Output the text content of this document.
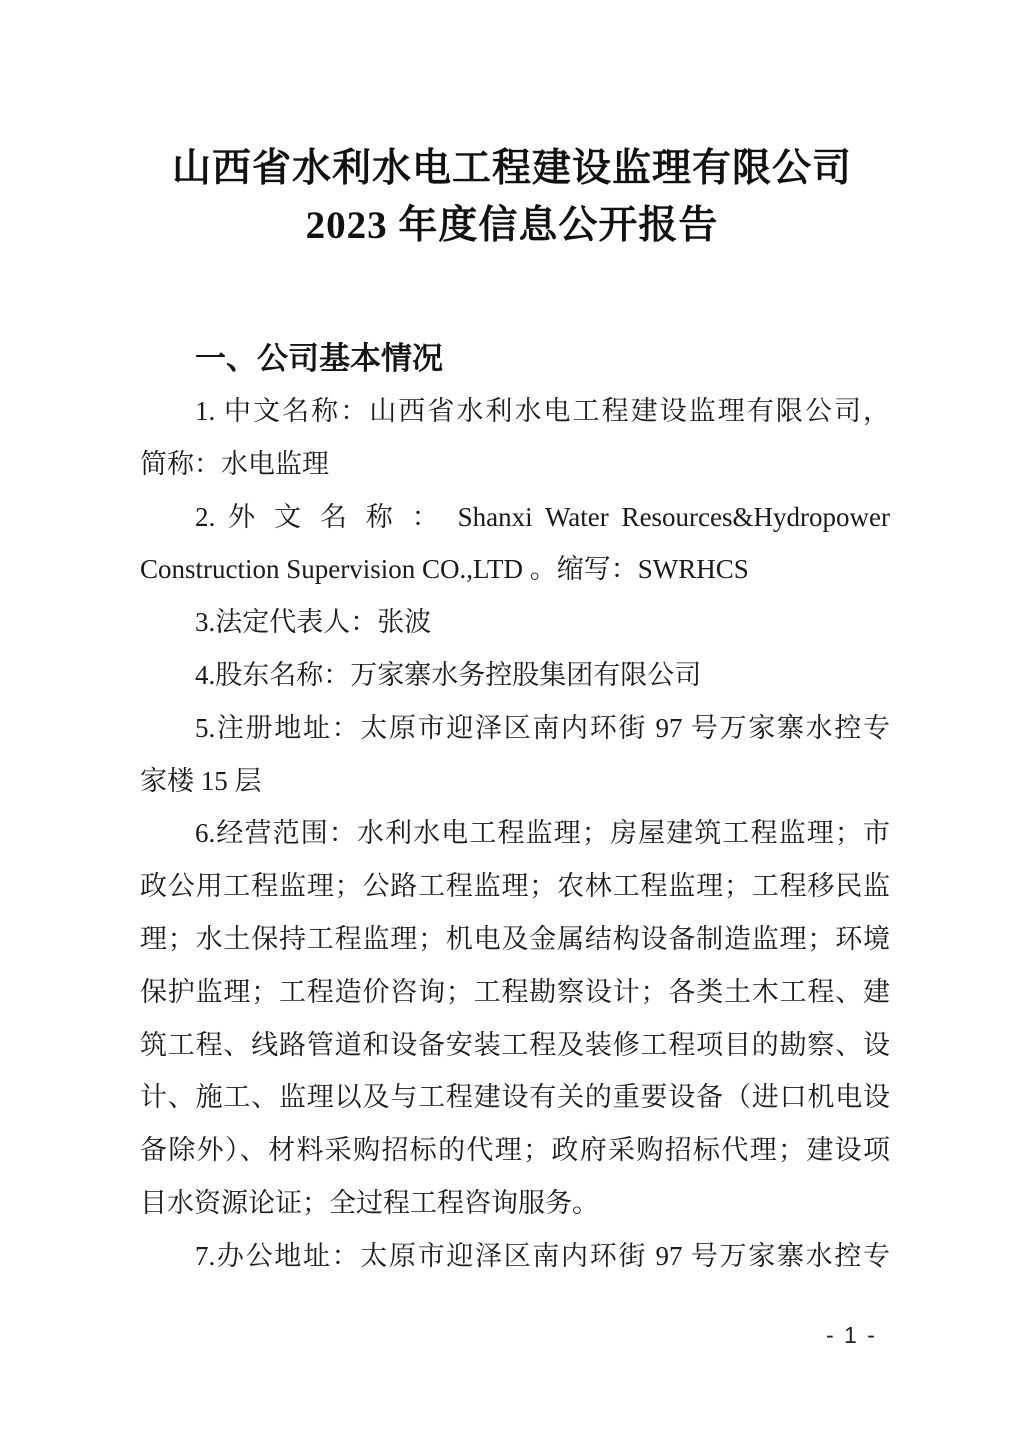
山西省水利水电工程建设监理有限公司
2023 年度信息公开报告
一、公司基本情况
1. 中文名称：山西省水利水电工程建设监理有限公司，
简称：水电监理
2. 外 文 名 称 ： Shanxi Water Resources&Hydropower
Construction Supervision CO.,LTD 。缩写：SWRHCS
3.法定代表人：张波
4.股东名称：万家寨水务控股集团有限公司
5.注册地址：太原市迎泽区南内环街 97 号万家寨水控专
家楼 15 层
6.经营范围：水利水电工程监理；房屋建筑工程监理；市
政公用工程监理；公路工程监理；农林工程监理；工程移民监
理；水土保持工程监理；机电及金属结构设备制造监理；环境
保护监理；工程造价咨询；工程勘察设计；各类土木工程、建
筑工程、线路管道和设备安装工程及装修工程项目的勘察、设
计、施工、监理以及与工程建设有关的重要设备（进口机电设
备除外）、材料采购招标的代理；政府采购招标代理；建设项
目水资源论证；全过程工程咨询服务。
7.办公地址：太原市迎泽区南内环街 97 号万家寨水控专
- 1 -
